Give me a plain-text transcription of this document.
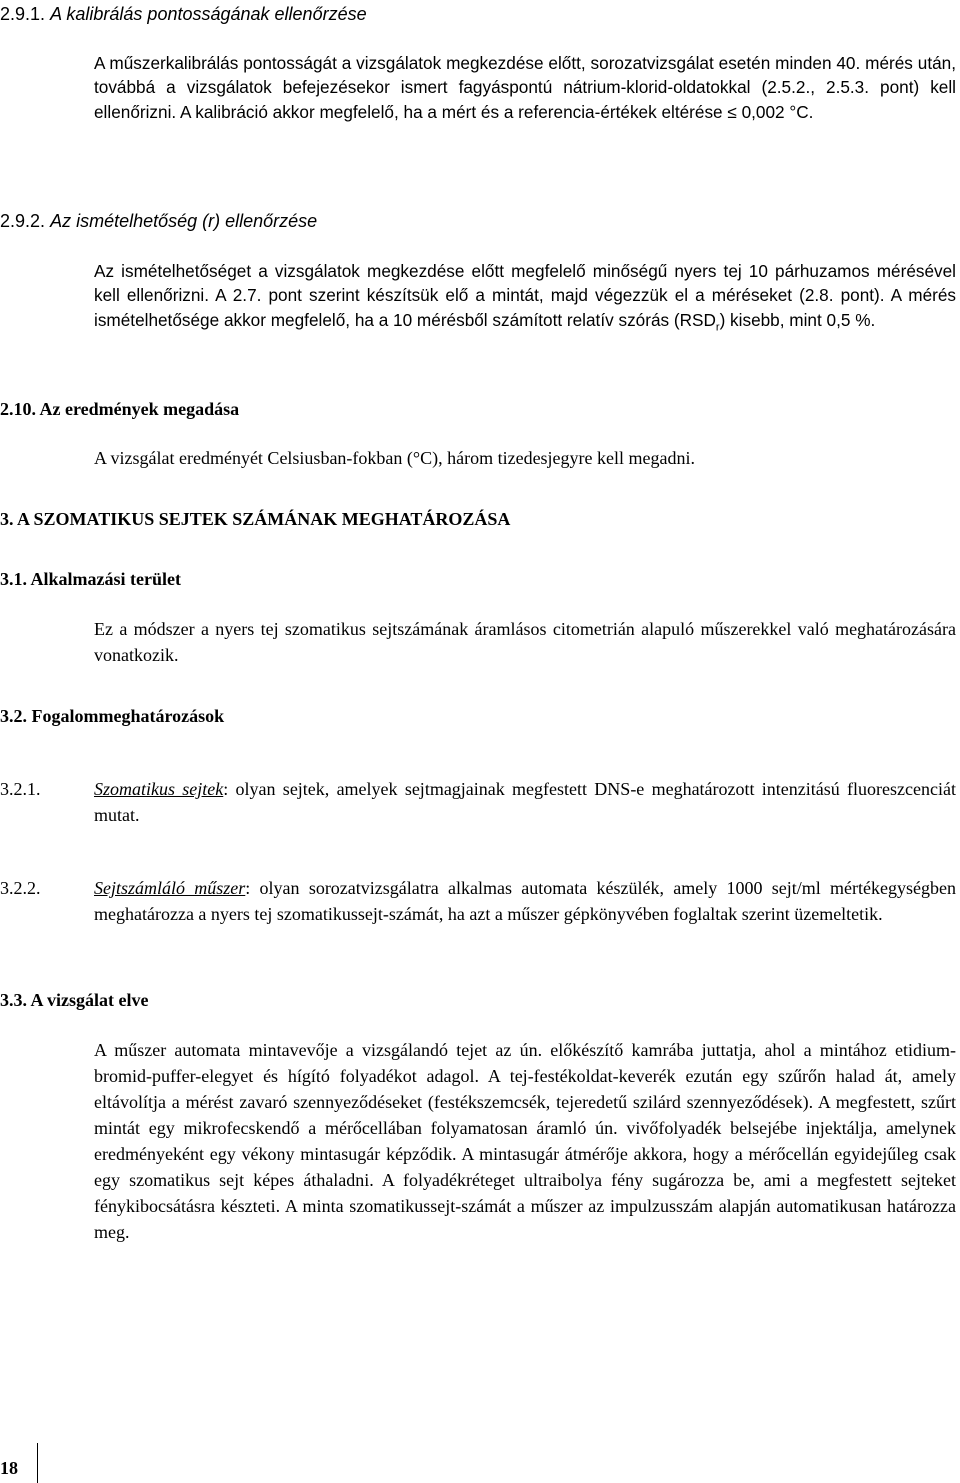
2.9.1. A kalibrálás pontosságának ellenőrzése

A műszerkalibrálás pontosságát a vizsgálatok megkezdése előtt, sorozatvizsgálat esetén minden 40. mérés után, továbbá a vizsgálatok befejezésekor ismert fagyáspontú nátrium-klorid-oldatokkal (2.5.2., 2.5.3. pont) kell ellenőrizni. A kalibráció akkor megfelelő, ha a mért és a referencia-értékek eltérése ≤ 0,002 °C.

2.9.2. Az ismételhetőség (r) ellenőrzése

Az ismételhetőséget a vizsgálatok megkezdése előtt megfelelő minőségű nyers tej 10 párhuzamos mérésével kell ellenőrizni. A 2.7. pont szerint készítsük elő a mintát, majd végezzük el a méréseket (2.8. pont). A mérés ismételhetősége akkor megfelelő, ha a 10 mérésből számított relatív szórás $(RSD_r)$ kisebb, mint 0,5 %.

2.10. Az eredmények megadása

A vizsgálat eredményét Celsiusban-fokban (°C), három tizedesjegyre kell megadni.

3. A SZOMATIKUS SEJTEK SZÁMÁNAK MEGHATÁROZÁSA
3.1. Alkalmazási terület

Ez a módszer a nyers tej szomatikus sejtszámának áramlásos citometrián alapuló műszerekkel való meghatározására vonatkozik.

3.2. Fogalommeghatározások
3.2.1.	Szomatikus sejtek: olyan sejtek, amelyek sejtmagjainak megfestett DNS-e meghatározott intenzitású fluoreszcenciát mutat.
3.2.2.	Sejtszámláló műszer: olyan sorozatvizsgálatra alkalmas automata készülék, amely 1000 sejt/ml mértékegységben meghatározza a nyers tej szomatikussejt-számát, ha azt a műszer gépkönyvében foglaltak szerint üzemeltetik.
3.3. A vizsgálat elve

A műszer automata mintavevője a vizsgálandó tejet az ún. előkészítő kamrába juttatja, ahol a mintához etidium-bromid-puffer-elegyet és hígító folyadékot adagol. A tej-festékoldat-keverék ezután egy szűrőn halad át, amely eltávolítja a mérést zavaró szennyeződéseket (festékszemcsék, tejeredetű szilárd szennyeződések). A megfestett, szűrt mintát egy mikrofecskendő a mérőcellában folyamatosan áramló ún. vivőfolyadék belsejébe injektálja, amelynek eredményeként egy vékony mintasugár képződik. A mintasugár átmérője akkora, hogy a mérőcellán egyidejűleg csak egy szomatikus sejt képes áthaladni. A folyadékréteget ultraibolya fény sugározza be, ami a megfestett sejteket fénykibocsátásra készteti. A minta szomatikussejt-számát a műszer az impulzusszám alapján automatikusan határozza meg.

18
